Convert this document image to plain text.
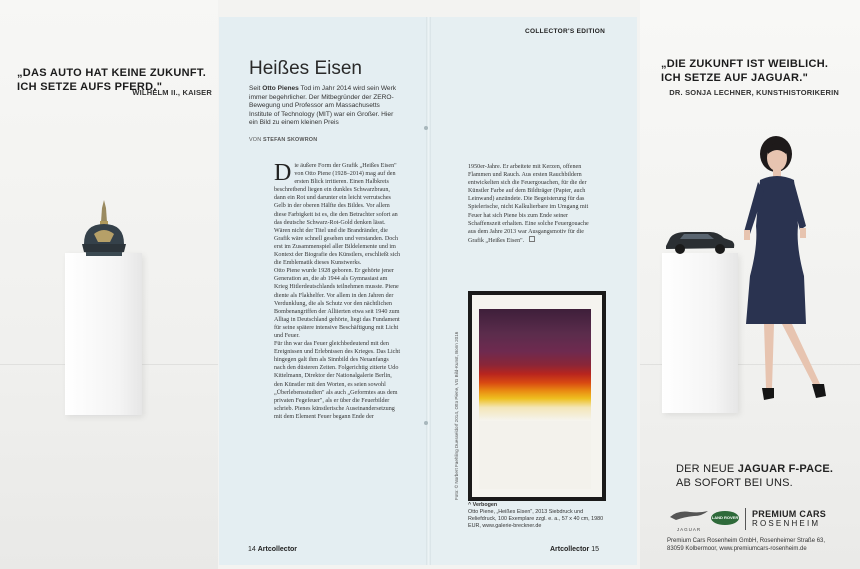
„DAS AUTO HAT KEINE ZUKUNFT. ICH SETZE AUFS PFERD."
WILHELM II., KAISER
„DIE ZUKUNFT IST WEIBLICH. ICH SETZE AUF JAGUAR."
DR. SONJA LECHNER, KUNSTHISTORIKERIN
DER NEUE JAGUAR F-PACE.
AB SOFORT BEI UNS.
JAGUAR
LAND ROVER PREMIUM CARS
ROSENHEIM
Premium Cars Rosenheim GmbH, Rosenheimer Straße 63,
83059 Kolbermoor, www.premiumcars-rosenheim.de
COLLECTOR'S EDITION
Heißes Eisen
Seit Otto Pienes Tod im Jahr 2014 wird sein Werk immer begehrlicher. Der Mitbegründer der ZERO-Bewegung und Professor am Massachusetts Institute of Technology (MIT) war ein Großer. Hier ein Bild zu einem kleinen Preis
VON STEFAN SKOWRON
Die äußere Form der Grafik „Heißes Eisen" von Otto Piene (1928–2014) mag auf den ersten Blick irritieren. Einen Halbkreis beschreibend liegen ein dunkles Schwarzbraun, dann ein Rot und darunter ein leicht verrutsches Gelb in der oberen Hälfte des Bildes. Vor allem diese Farbigkeit ist es, die den Betrachter sofort an das deutsche Schwarz-Rot-Gold denken lässt. Wären nicht der Titel und die Brandränder, die Grafik wäre schnell gesehen und verstanden. Doch erst im Zusammenspiel aller Bildelemente und im Kontext der Biografie des Künstlers, erschließt sich die Emblematik dieses Kunstwerks.
Otto Piene wurde 1928 geboren. Er gehörte jener Generation an, die ab 1944 als Gymnasiast am Krieg Hitlerdeutschlands teilnehmen musste. Piene diente als Flakhelfer. Vor allem in den Jahren der Verdunklung, die als Schutz vor den nächtlichen Bombenangriffen der Alliierten etwa seit 1940 zum Alltag in Deutschland gehörte, liegt das Fundament für seine spätere intensive Beschäftigung mit Licht und Feuer.
Für ihn war das Feuer gleichbedeutend mit den Ereignissen und Erlebnissen des Krieges. Das Licht hingegen galt ihm als Sinnbild des Neuanfangs nach den düsteren Zeiten. Folgerichtig zitierte Udo Kittelmann, Direktor der Nationalgalerie Berlin, den Künstler mit den Worten, es seien sowohl „Überlebensstudien" als auch „Geformtes aus dem privaten Fegefeuer", als er über die Feuerbilder schrieb. Pienes künstlerische Auseinandersetzung mit dem Element Feuer begann Ende der
1950er-Jahre. Er arbeitete mit Kerzen, offenen Flammen und Rauch. Aus ersten Rauchbildern entwickelten sich die Feuergouachen, für die der Künstler Farbe auf dem Bildträger (Papier, auch Leinwand) anzündete. Die Begeisterung für das Spielerische, nicht Kalkulierbare im Umgang mit Feuer hat sich Piene bis zum Ende seiner Schaffenszeit erhalten. Eine solche Feuergouache aus dem Jahre 2013 war Ausgangsmotiv für die Grafik „Heißes Eisen".
Foto: © Norbert Faehling Duesseldorf 2014, Otto Piene, VG Bild-Kunst, Bonn 2016
^ Verbogen
Otto Piene, „Heißes Eisen", 2013 Siebdruck und Reliefdruck, 100 Exemplare zzgl. e. a., 57 x 40 cm, 1980 EUR, www.galerie-breckner.de
14 Artcollector	Artcollector 15
